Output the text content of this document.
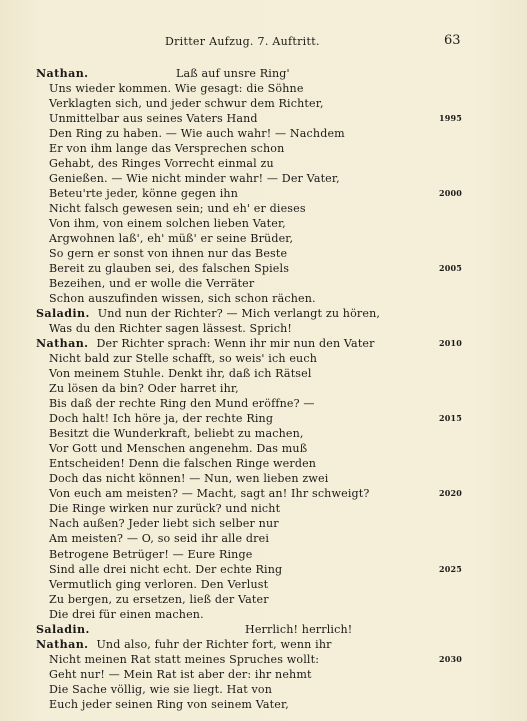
Dritter Aufzug. 7. Auftritt.	63
Nathan.	Laß auf unsre Ring'
Uns wieder kommen. Wie gesagt: die Söhne
Verklagten sich, und jeder schwur dem Richter,
Unmittelbar aus seines Vaters Hand	1995
Den Ring zu haben. — Wie auch wahr! — Nachdem
Er von ihm lange das Versprechen schon
Gehabt, des Ringes Vorrecht einmal zu
Genießen. — Wie nicht minder wahr! — Der Vater,
Beteu'rte jeder, könne gegen ihn	2000
Nicht falsch gewesen sein; und eh' er dieses
Von ihm, von einem solchen lieben Vater,
Argwohnen laß', eh' müß' er seine Brüder,
So gern er sonst von ihnen nur das Beste
Bereit zu glauben sei, des falschen Spiels	2005
Bezeihen, und er wolle die Verräter
Schon auszufinden wissen, sich schon rächen.
Saladin. Und nun der Richter? — Mich verlangt zu hören,
Was du den Richter sagen lässest. Sprich!
Nathan. Der Richter sprach: Wenn ihr mir nun den Vater	2010
Nicht bald zur Stelle schafft, so weis' ich euch
Von meinem Stuhle. Denkt ihr, daß ich Rätsel
Zu lösen da bin? Oder harret ihr,
Bis daß der rechte Ring den Mund eröffne? —
Doch halt! Ich höre ja, der rechte Ring	2015
Besitzt die Wunderkraft, beliebt zu machen,
Vor Gott und Menschen angenehm. Das muß
Entscheiden! Denn die falschen Ringe werden
Doch das nicht können! — Nun, wen lieben zwei
Von euch am meisten? — Macht, sagt an! Ihr schweigt?	2020
Die Ringe wirken nur zurück? und nicht
Nach außen? Jeder liebt sich selber nur
Am meisten? — O, so seid ihr alle drei
Betrogene Betrüger! — Eure Ringe
Sind alle drei nicht echt. Der echte Ring	2025
Vermutlich ging verloren. Den Verlust
Zu bergen, zu ersetzen, ließ der Vater
Die drei für einen machen.
Saladin.	Herrlich! herrlich!
Nathan. Und also, fuhr der Richter fort, wenn ihr
Nicht meinen Rat statt meines Spruches wollt:	2030
Geht nur! — Mein Rat ist aber der: ihr nehmt
Die Sache völlig, wie sie liegt. Hat von
Euch jeder seinen Ring von seinem Vater,
